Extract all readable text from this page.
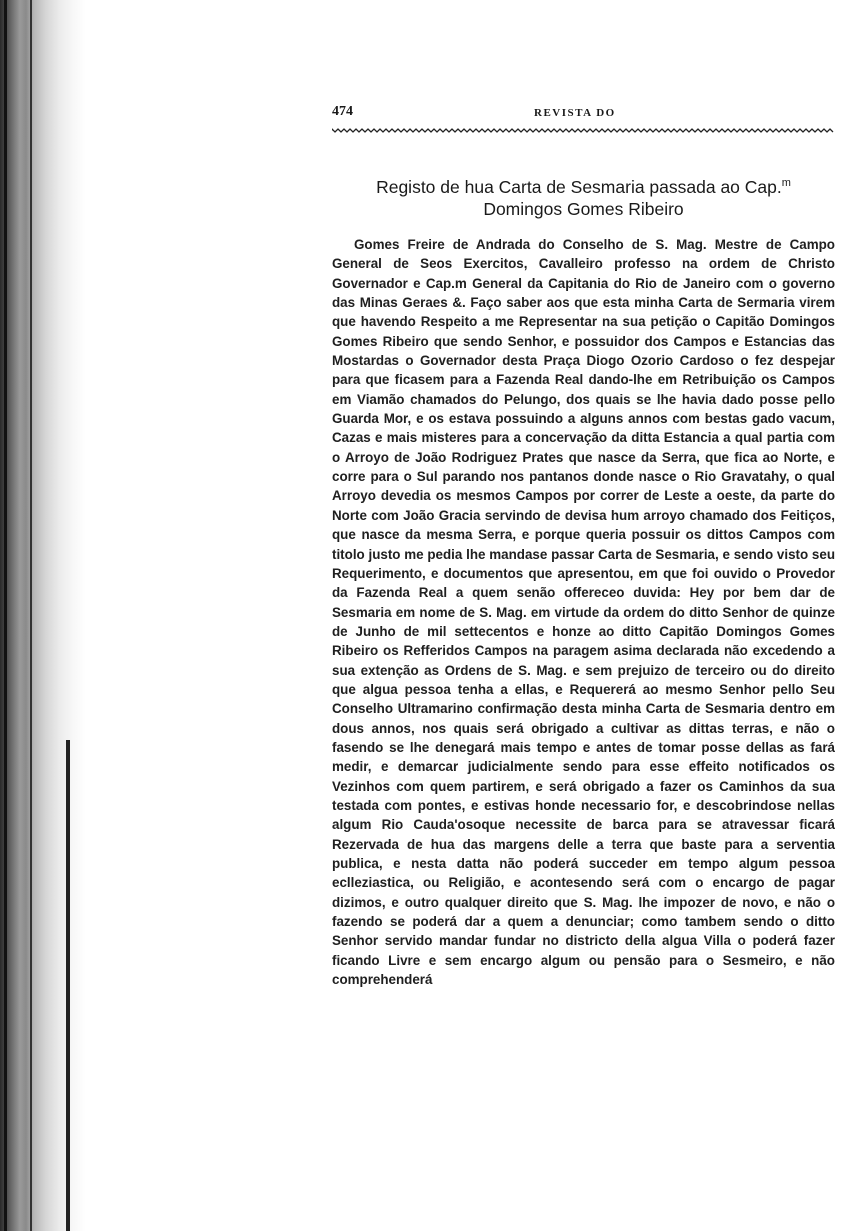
474	REVISTA DO
Registo de hua Carta de Sesmaria passada ao Cap.$^m$
Domingos Gomes Ribeiro

Gomes Freire de Andrada do Conselho de S. Mag. Mestre de Campo General de Seos Exercitos, Cavalleiro professo na ordem de Christo Governador e Cap.m General da Capitania do Rio de Janeiro com o governo das Minas Geraes &. Faço saber aos que esta minha Carta de Sermaria virem que havendo Respeito a me Representar na sua petição o Capitão Domingos Gomes Ribeiro que sendo Senhor, e possuidor dos Campos e Estancias das Mostardas o Governador desta Praça Diogo Ozorio Cardoso o fez despejar para que ficasem para a Fazenda Real dando-lhe em Retribuição os Campos em Viamão chamados do Pelungo, dos quais se lhe havia dado posse pello Guarda Mor, e os estava possuindo a alguns annos com bestas gado vacum, Cazas e mais misteres para a concervação da ditta Estancia a qual partia com o Arroyo de João Rodriguez Prates que nasce da Serra, que fica ao Norte, e corre para o Sul parando nos pantanos donde nasce o Rio Gravatahy, o qual Arroyo devedia os mesmos Campos por correr de Leste a oeste, da parte do Norte com João Gracia servindo de devisa hum arroyo chamado dos Feitiços, que nasce da mesma Serra, e porque queria possuir os dittos Campos com titolo justo me pedia lhe mandase passar Carta de Sesmaria, e sendo visto seu Requerimento, e documentos que apresentou, em que foi ouvido o Provedor da Fazenda Real a quem senão offereceo duvida: Hey por bem dar de Sesmaria em nome de S. Mag. em virtude da ordem do ditto Senhor de quinze de Junho de mil settecentos e honze ao ditto Capitão Domingos Gomes Ribeiro os Refferidos Campos na paragem asima declarada não excedendo a sua extenção as Ordens de S. Mag. e sem prejuizo de terceiro ou do direito que algua pessoa tenha a ellas, e Requererá ao mesmo Senhor pello Seu Conselho Ultramarino confirmação desta minha Carta de Sesmaria dentro em dous annos, nos quais será obrigado a cultivar as dittas terras, e não o fasendo se lhe denegará mais tempo e antes de tomar posse dellas as fará medir, e demarcar judicialmente sendo para esse effeito notificados os Vezinhos com quem partirem, e será obrigado a fazer os Caminhos da sua testada com pontes, e estivas honde necessario for, e descobrindose nellas algum Rio Cauda'osoque necessite de barca para se atravessar ficará Rezervada de hua das margens delle a terra que baste para a serventia publica, e nesta datta não poderá succeder em tempo algum pessoa eclleziastica, ou Religião, e acontesendo será com o encargo de pagar dizimos, e outro qualquer direito que S. Mag. lhe impozer de novo, e não o fazendo se poderá dar a quem a denunciar; como tambem sendo o ditto Senhor servido mandar fundar no districto della algua Villa o poderá fazer ficando Livre e sem encargo algum ou pensão para o Sesmeiro, e não comprehenderá
